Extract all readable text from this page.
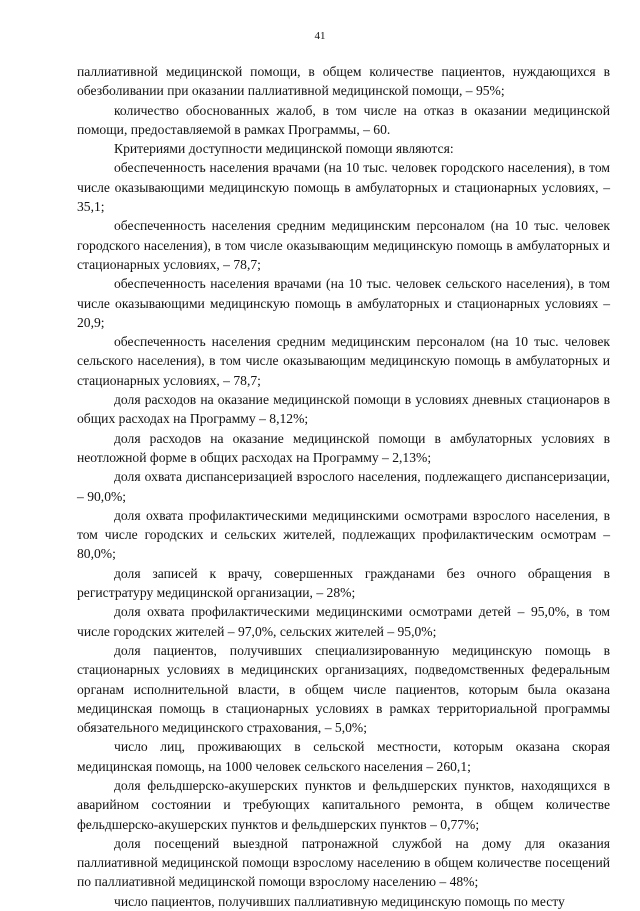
41

паллиативной медицинской помощи, в общем количестве пациентов, нуждающихся в обезболивании при оказании паллиативной медицинской помощи, – 95%;

количество обоснованных жалоб, в том числе на отказ в оказании медицинской помощи, предоставляемой в рамках Программы, – 60.

Критериями доступности медицинской помощи являются:

обеспеченность населения врачами (на 10 тыс. человек городского населения), в том числе оказывающими медицинскую помощь в амбулаторных и стационарных условиях, – 35,1;

обеспеченность населения средним медицинским персоналом (на 10 тыс. человек городского населения), в том числе оказывающим медицинскую помощь в амбулаторных и стационарных условиях, – 78,7;

обеспеченность населения врачами (на 10 тыс. человек сельского населения), в том числе оказывающими медицинскую помощь в амбулаторных и стационарных условиях – 20,9;

обеспеченность населения средним медицинским персоналом (на 10 тыс. человек сельского населения), в том числе оказывающим медицинскую помощь в амбулаторных и стационарных условиях, – 78,7;

доля расходов на оказание медицинской помощи в условиях дневных стационаров в общих расходах на Программу – 8,12%;

доля расходов на оказание медицинской помощи в амбулаторных условиях в неотложной форме в общих расходах на Программу – 2,13%;

доля охвата диспансеризацией взрослого населения, подлежащего диспансеризации, – 90,0%;

доля охвата профилактическими медицинскими осмотрами взрослого населения, в том числе городских и сельских жителей, подлежащих профилактическим осмотрам – 80,0%;

доля записей к врачу, совершенных гражданами без очного обращения в регистратуру медицинской организации, – 28%;

доля охвата профилактическими медицинскими осмотрами детей – 95,0%, в том числе городских жителей – 97,0%, сельских жителей – 95,0%;

доля пациентов, получивших специализированную медицинскую помощь в стационарных условиях в медицинских организациях, подведомственных федеральным органам исполнительной власти, в общем числе пациентов, которым была оказана медицинская помощь в стационарных условиях в рамках территориальной программы обязательного медицинского страхования, – 5,0%;

число лиц, проживающих в сельской местности, которым оказана скорая медицинская помощь, на 1000 человек сельского населения – 260,1;

доля фельдшерско-акушерских пунктов и фельдшерских пунктов, находящихся в аварийном состоянии и требующих капитального ремонта, в общем количестве фельдшерско-акушерских пунктов и фельдшерских пунктов – 0,77%;

доля посещений выездной патронажной службой на дому для оказания паллиативной медицинской помощи взрослому населению в общем количестве посещений по паллиативной медицинской помощи взрослому населению – 48%;

число пациентов, получивших паллиативную медицинскую помощь по месту
